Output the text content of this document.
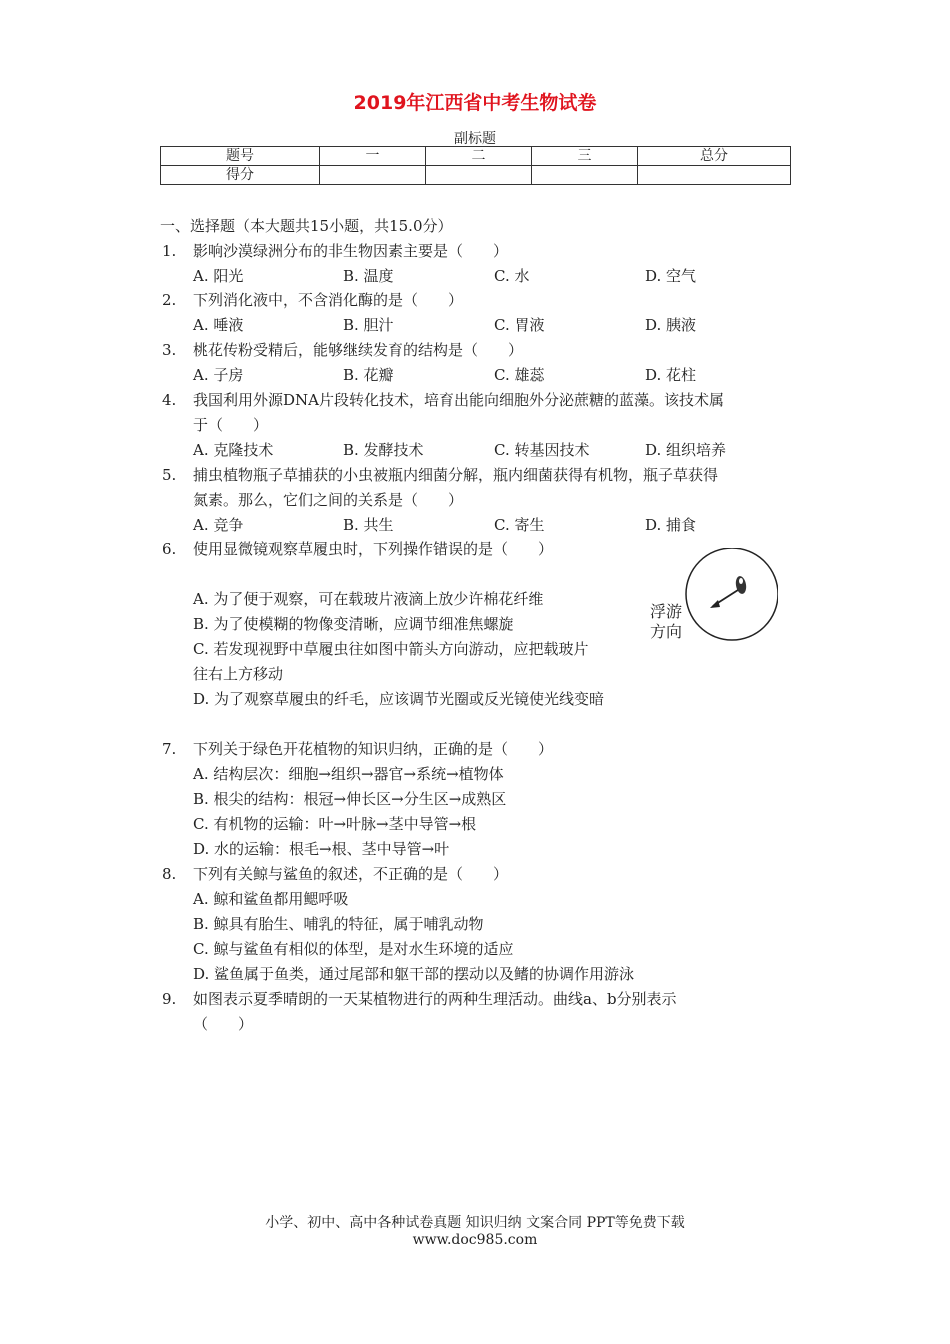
2019年江西省中考生物试卷
副标题
题号	一	二	三	总分
得分				
一、选择题（本大题共15小题，共15.0分）
1. 影响沙漠绿洲分布的非生物因素主要是（　　）
A. 阳光	B. 温度	C. 水	D. 空气
2. 下列消化液中，不含消化酶的是（　　）
A. 唾液	B. 胆汁	C. 胃液	D. 胰液
3. 桃花传粉受精后，能够继续发育的结构是（　　）
A. 子房	B. 花瓣	C. 雄蕊	D. 花柱
4. 我国利用外源DNA片段转化技术，培育出能向细胞外分泌蔗糖的蓝藻。该技术属
于（　　）
A. 克隆技术	B. 发酵技术	C. 转基因技术	D. 组织培养
5. 捕虫植物瓶子草捕获的小虫被瓶内细菌分解，瓶内细菌获得有机物，瓶子草获得
氮素。那么，它们之间的关系是（　　）
A. 竞争	B. 共生	C. 寄生	D. 捕食
6. 使用显微镜观察草履虫时，下列操作错误的是（　　）
A. 为了便于观察，可在载玻片液滴上放少许棉花纤维
B. 为了使模糊的物像变清晰，应调节细准焦螺旋
C. 若发现视野中草履虫往如图中箭头方向游动，应把载玻片
往右上方移动
D. 为了观察草履虫的纤毛，应该调节光圈或反光镜使光线变暗
浮游
方向
7. 下列关于绿色开花植物的知识归纳，正确的是（　　）
A. 结构层次：细胞→组织→器官→系统→植物体
B. 根尖的结构：根冠→伸长区→分生区→成熟区
C. 有机物的运输：叶→叶脉→茎中导管→根
D. 水的运输：根毛→根、茎中导管→叶
8. 下列有关鲸与鲨鱼的叙述，不正确的是（　　）
A. 鲸和鲨鱼都用鳃呼吸
B. 鲸具有胎生、哺乳的特征，属于哺乳动物
C. 鲸与鲨鱼有相似的体型，是对水生环境的适应
D. 鲨鱼属于鱼类，通过尾部和躯干部的摆动以及鳍的协调作用游泳
9. 如图表示夏季晴朗的一天某植物进行的两种生理活动。曲线a、b分别表示
（　　）
小学、初中、高中各种试卷真题 知识归纳 文案合同 PPT等免费下载
www.doc985.com
